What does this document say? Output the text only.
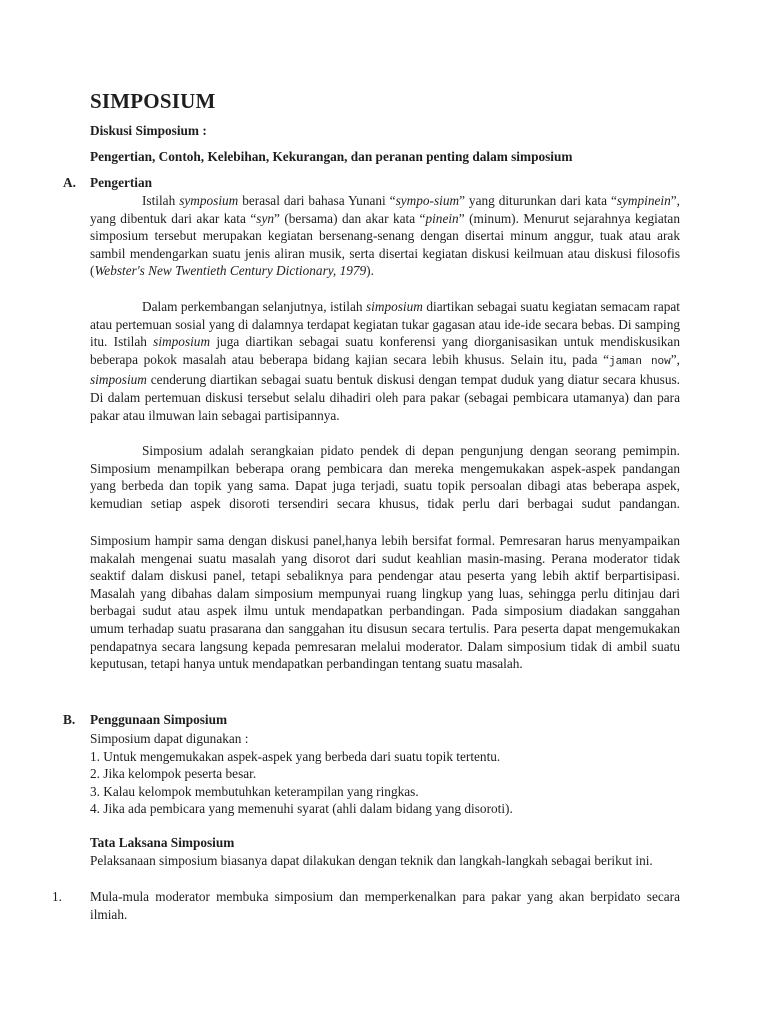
SIMPOSIUM
Diskusi Simposium :
Pengertian, Contoh, Kelebihan, Kekurangan, dan peranan penting dalam simposium
A. Pengertian

Istilah symposium berasal dari bahasa Yunani “sympo-sium” yang diturunkan dari kata “sympinein”, yang dibentuk dari akar kata “syn” (bersama) dan akar kata “pinein” (minum). Menurut sejarahnya kegiatan simposium tersebut merupakan kegiatan bersenang-senang dengan disertai minum anggur, tuak atau arak sambil mendengarkan suatu jenis aliran musik, serta disertai kegiatan diskusi keilmuan atau diskusi filosofis (Webster's New Twentieth Century Dictionary, 1979).

Dalam perkembangan selanjutnya, istilah simposium diartikan sebagai suatu kegiatan semacam rapat atau pertemuan sosial yang di dalamnya terdapat kegiatan tukar gagasan atau ide-ide secara bebas. Di samping itu. Istilah simposium juga diartikan sebagai suatu konferensi yang diorganisasikan untuk mendiskusikan beberapa pokok masalah atau beberapa bidang kajian secara lebih khusus. Selain itu, pada “jaman now”, simposium cenderung diartikan sebagai suatu bentuk diskusi dengan tempat duduk yang diatur secara khusus. Di dalam pertemuan diskusi tersebut selalu dihadiri oleh para pakar (sebagai pembicara utamanya) dan para pakar atau ilmuwan lain sebagai partisipannya.

Simposium adalah serangkaian pidato pendek di depan pengunjung dengan seorang pemimpin. Simposium menampilkan beberapa orang pembicara dan mereka mengemukakan aspek-aspek pandangan yang berbeda dan topik yang sama. Dapat juga terjadi, suatu topik persoalan dibagi atas beberapa aspek, kemudian setiap aspek disoroti tersendiri secara khusus, tidak perlu dari berbagai sudut pandangan.

Simposium hampir sama dengan diskusi panel,hanya lebih bersifat formal. Pemresaran harus menyampaikan makalah mengenai suatu masalah yang disorot dari sudut keahlian masin-masing. Perana moderator tidak seaktif dalam diskusi panel, tetapi sebaliknya para pendengar atau peserta yang lebih aktif berpartisipasi. Masalah yang dibahas dalam simposium mempunyai ruang lingkup yang luas, sehingga perlu ditinjau dari berbagai sudut atau aspek ilmu untuk mendapatkan perbandingan. Pada simposium diadakan sanggahan umum terhadap suatu prasarana dan sanggahan itu disusun secara tertulis. Para peserta dapat mengemukakan pendapatnya secara langsung kepada pemresaran melalui moderator. Dalam simposium tidak di ambil suatu keputusan, tetapi hanya untuk mendapatkan perbandingan tentang suatu masalah.

B. Penggunaan Simposium
Simposium dapat digunakan :
1. Untuk mengemukakan aspek-aspek yang berbeda dari suatu topik tertentu.
2. Jika kelompok peserta besar.
3. Kalau kelompok membutuhkan keterampilan yang ringkas.
4. Jika ada pembicara yang memenuhi syarat (ahli dalam bidang yang disoroti).
Tata Laksana Simposium
Pelaksanaan simposium biasanya dapat dilakukan dengan teknik dan langkah-langkah sebagai berikut ini.
1. Mula-mula moderator membuka simposium dan memperkenalkan para pakar yang akan berpidato secara ilmiah.
